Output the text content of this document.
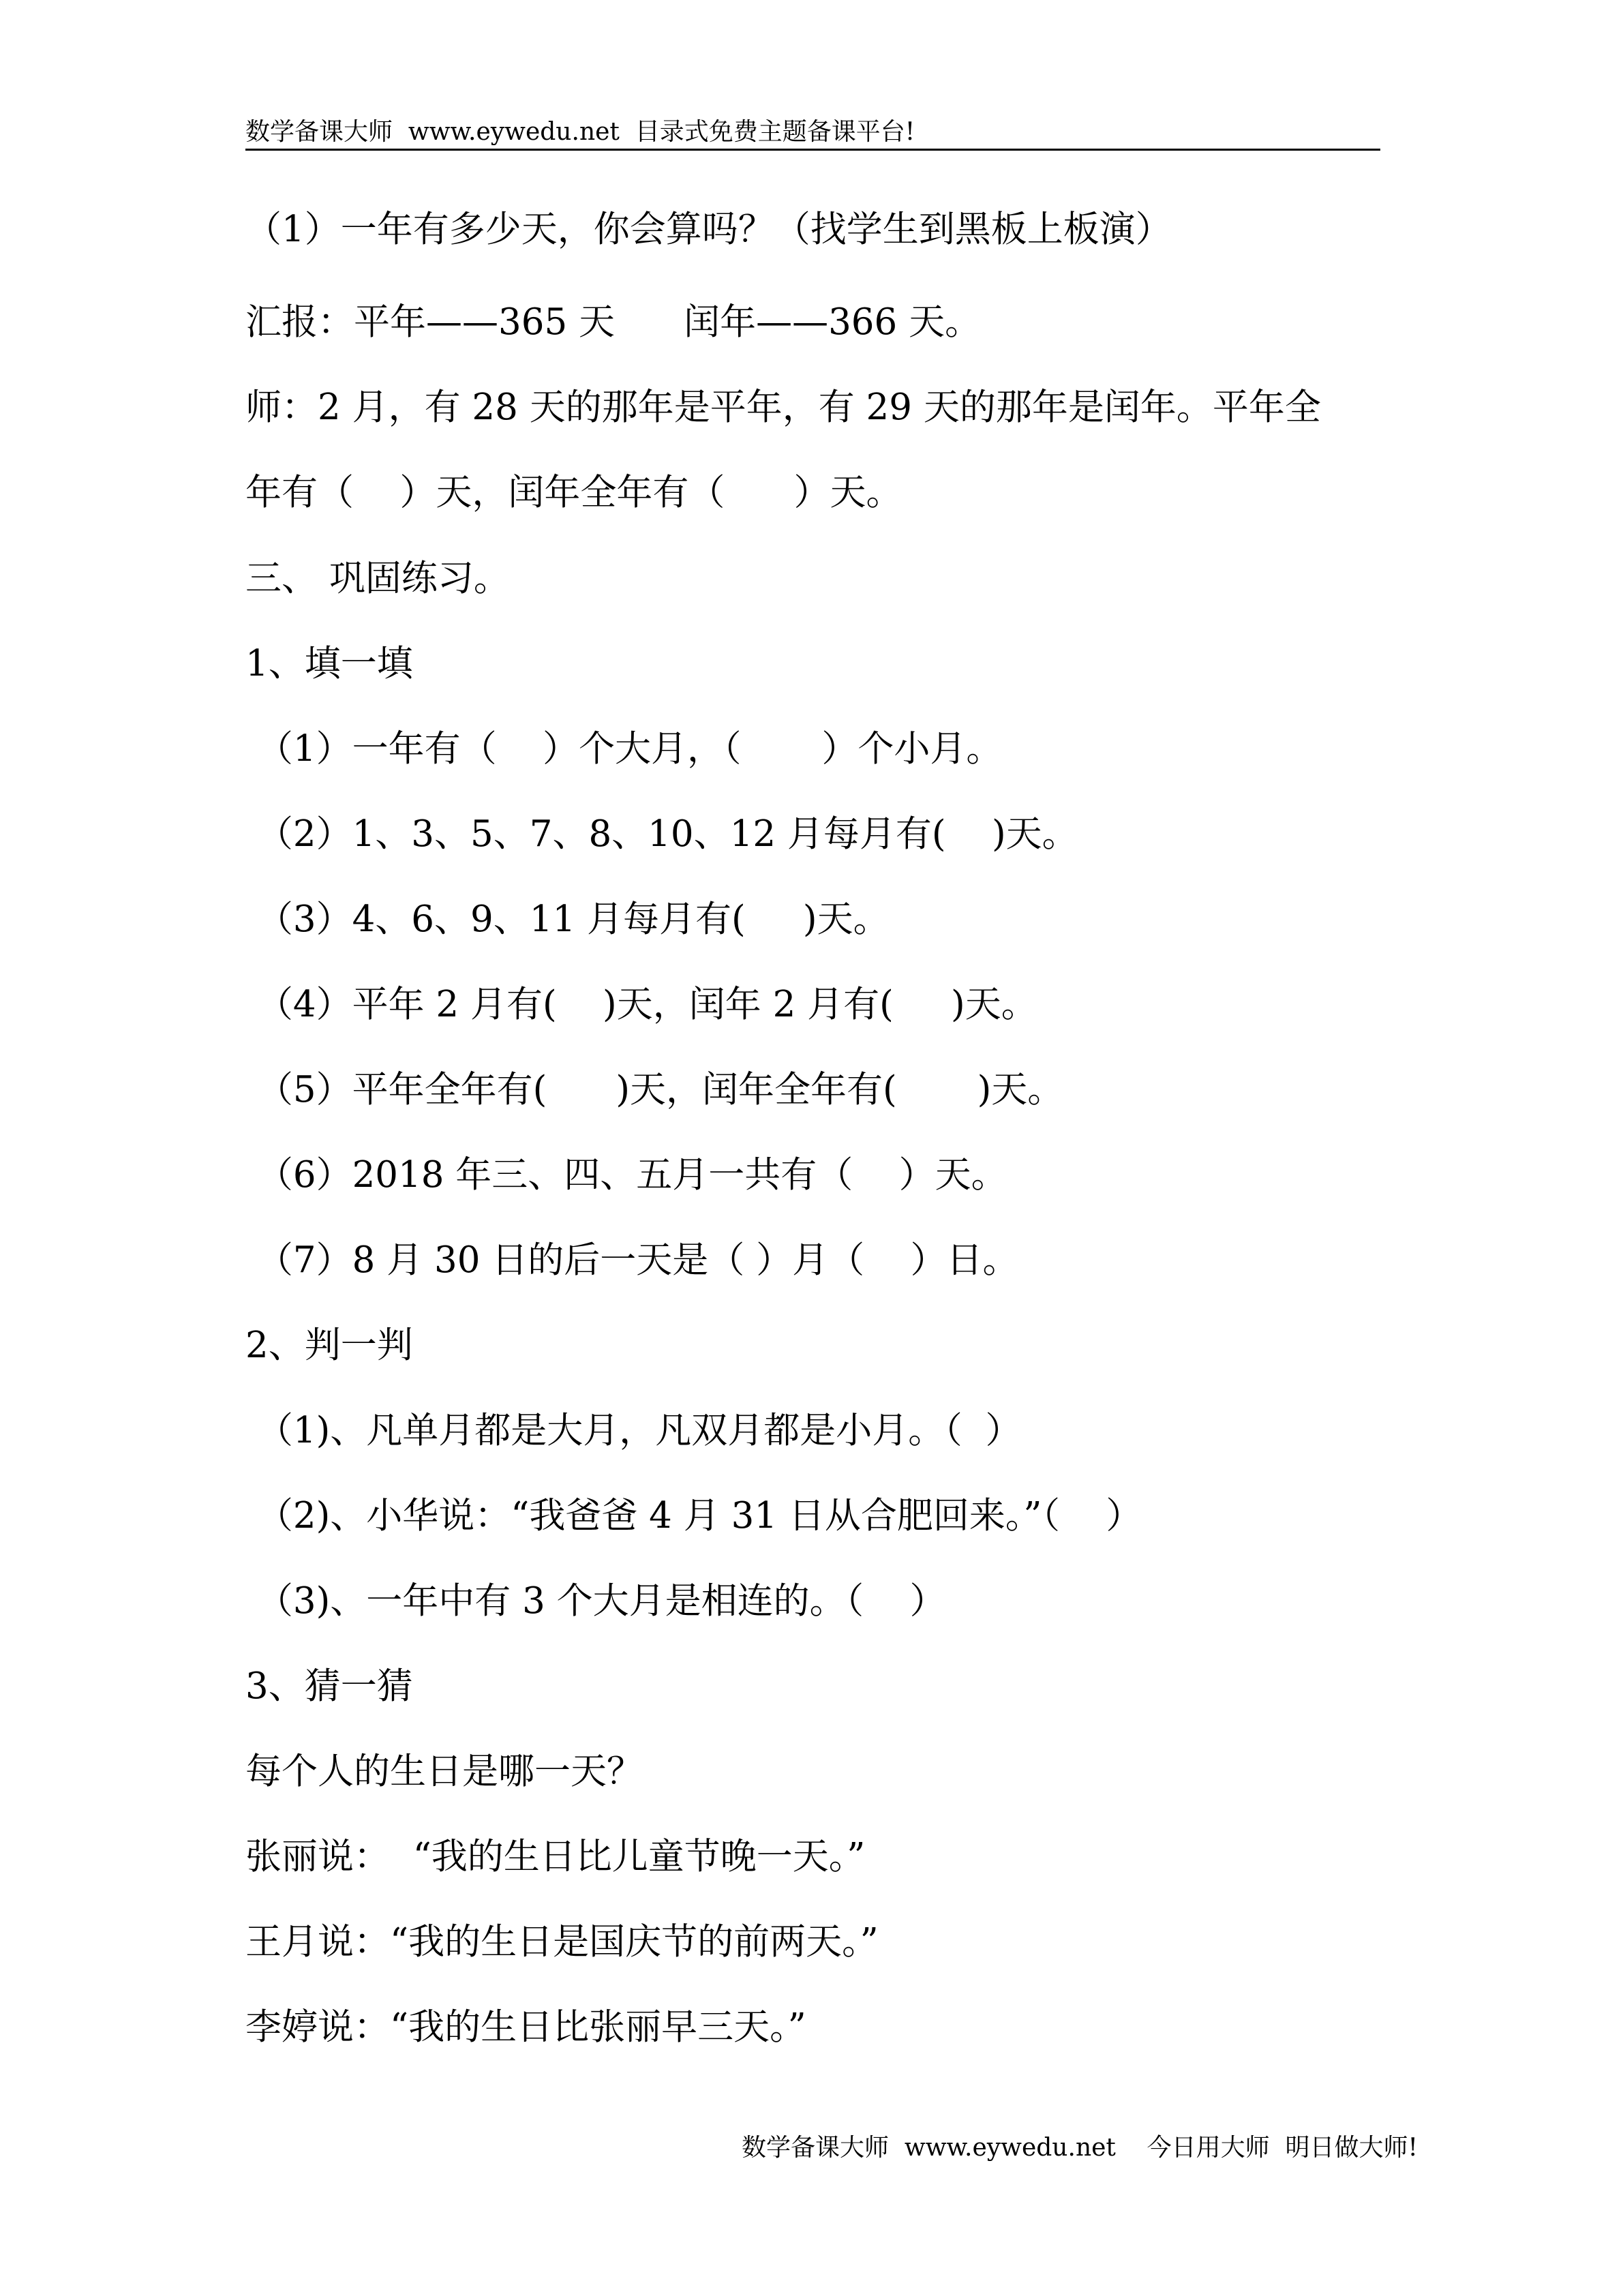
数学备课大师  www.eywedu.net  目录式免费主题备课平台!
（1）一年有多少天，你会算吗？（找学生到黑板上板演）
汇报：平年——365 天      闰年——366 天。
师：2 月，有 28 天的那年是平年，有 29 天的那年是闰年。平年全
年有（    ）天，闰年全年有（      ）天。
三、 巩固练习。
1、填一填
（1）一年有（    ）个大月，（       ）个小月。
（2）1、3、5、7、8、10、12 月每月有(    )天。
（3）4、6、9、11 月每月有(     )天。
（4）平年 2 月有(    )天，闰年 2 月有(     )天。
（5）平年全年有(      )天，闰年全年有(       )天。
（6）2018 年三、四、五月一共有（    ）天。
（7）8 月 30 日的后一天是（ ）月（    ）日。
2、判一判
（1)、凡单月都是大月，凡双月都是小月。（  ）
（2)、小华说：“我爸爸 4 月 31 日从合肥回来。”（    ）
（3)、一年中有 3 个大月是相连的。（    ）
3、猜一猜
每个人的生日是哪一天？
张丽说：  “我的生日比儿童节晚一天。”
王月说：“我的生日是国庆节的前两天。”
李婷说：“我的生日比张丽早三天。”
数学备课大师  www.eywedu.net    今日用大师  明日做大师!
